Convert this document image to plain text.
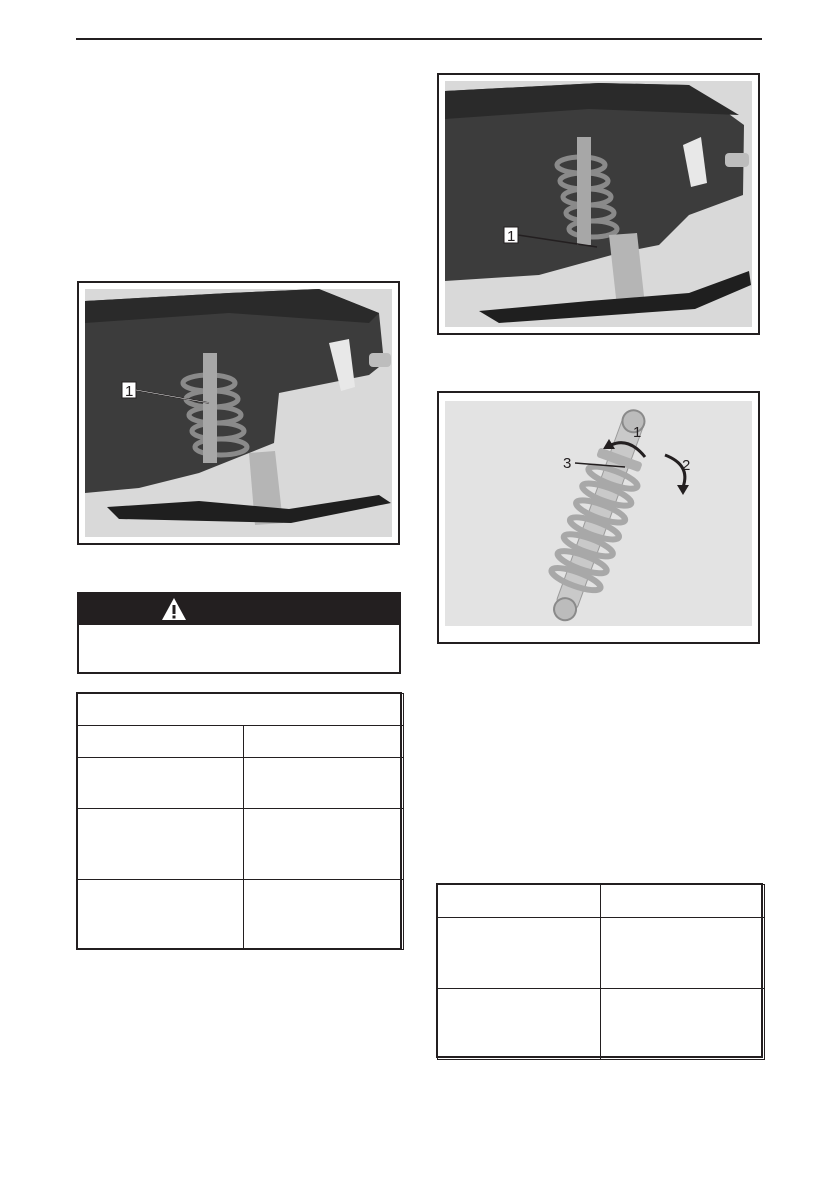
1
1
1
2
3
